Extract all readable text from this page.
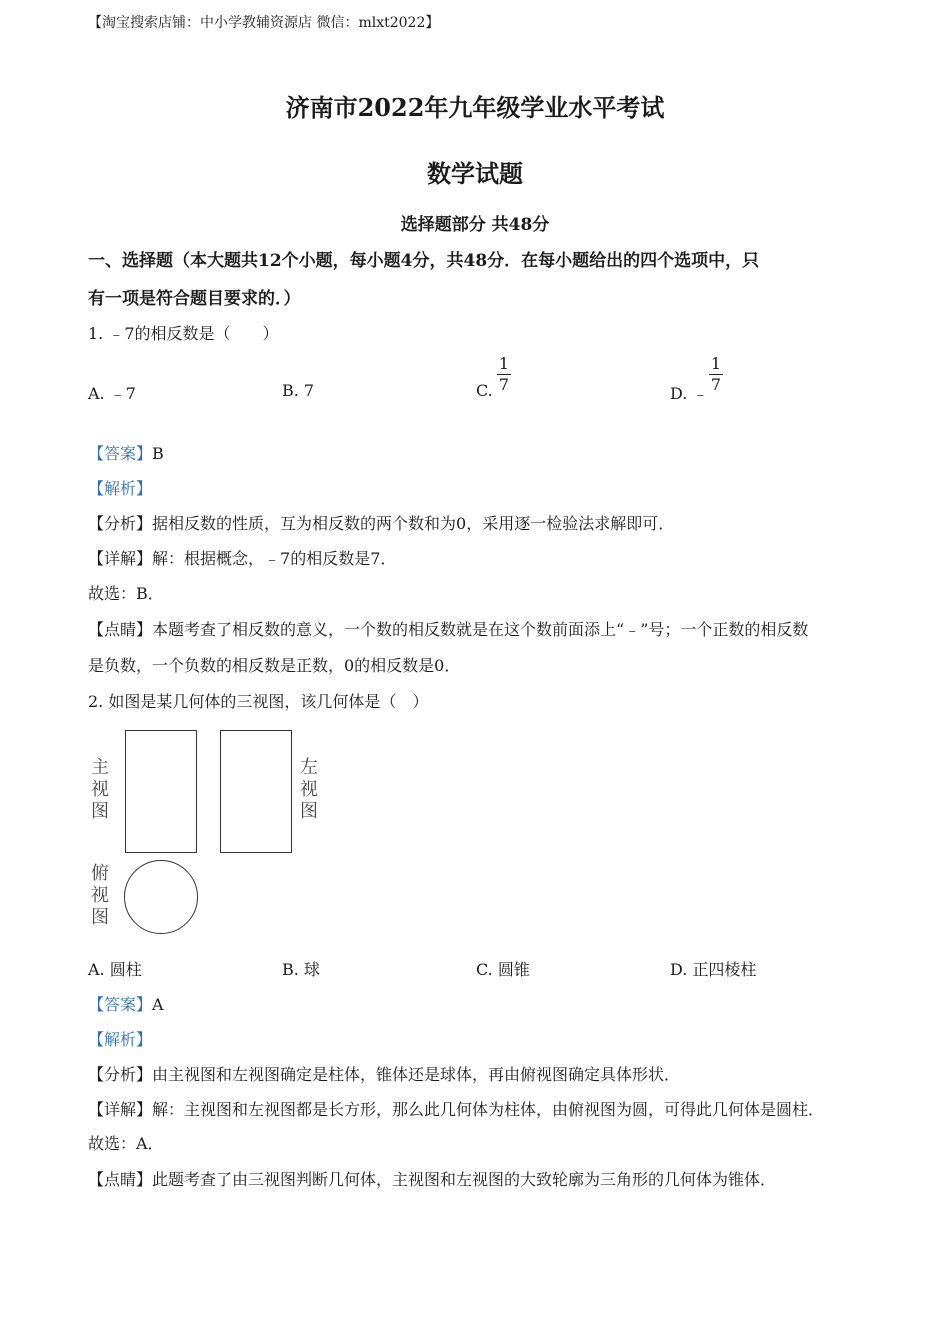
【淘宝搜索店铺：中小学教辅资源店 微信：mlxt2022】
济南市2022年九年级学业水平考试
数学试题
选择题部分 共48分
一、选择题（本大题共12个小题，每小题4分，共48分．在每小题给出的四个选项中，只
有一项是符合题目要求的．）
1. ﹣7的相反数是（　　）
A. ﹣7	B. 7	C.
1
7	D. ﹣
1
7
【答案】B
【解析】
【分析】据相反数的性质，互为相反数的两个数和为0，采用逐一检验法求解即可．
【详解】解：根据概念，﹣7的相反数是7．
故选：B．
【点睛】本题考查了相反数的意义，一个数的相反数就是在这个数前面添上“﹣”号；一个正数的相反数
是负数，一个负数的相反数是正数，0的相反数是0．
2. 如图是某几何体的三视图，该几何体是（　）
主
视
图
左
视
图
俯
视
图
A. 圆柱	B. 球	C. 圆锥	D. 正四棱柱
【答案】A
【解析】
【分析】由主视图和左视图确定是柱体，锥体还是球体，再由俯视图确定具体形状．
【详解】解：主视图和左视图都是长方形，那么此几何体为柱体，由俯视图为圆，可得此几何体是圆柱．
故选：A．
【点睛】此题考查了由三视图判断几何体，主视图和左视图的大致轮廓为三角形的几何体为锥体．
